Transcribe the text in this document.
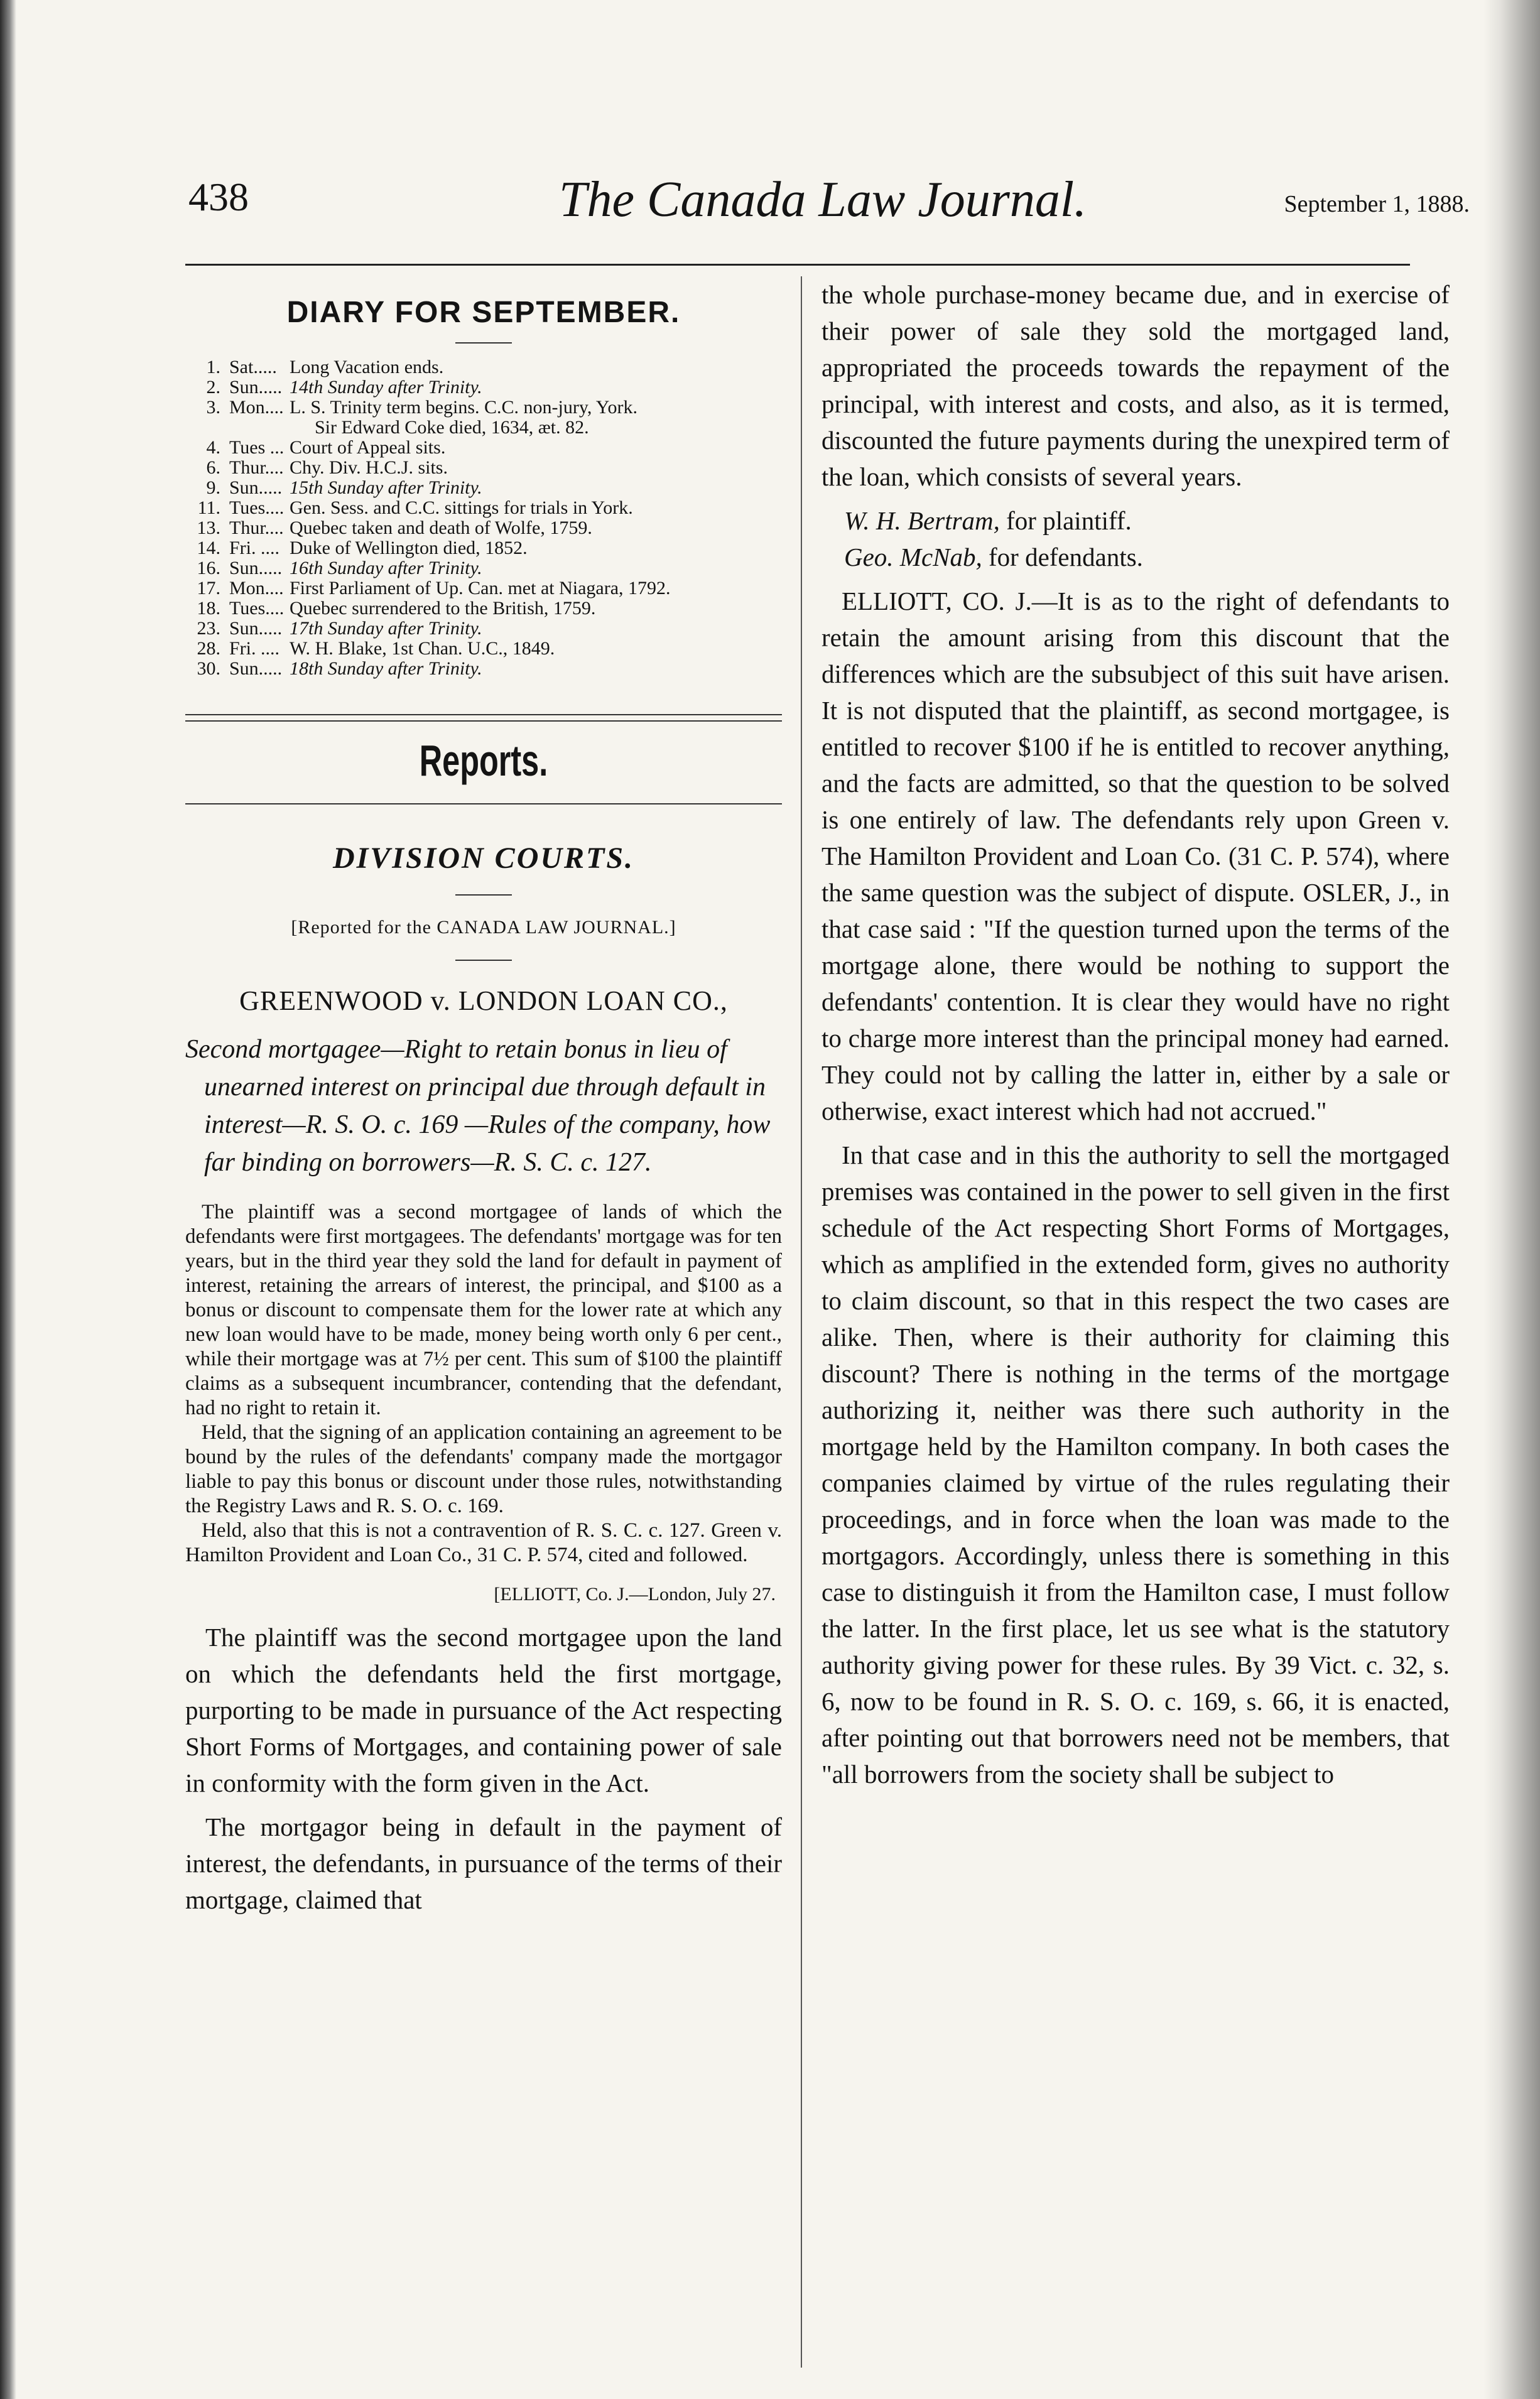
438	The Canada Law Journal.	September 1, 1888.
DIARY FOR SEPTEMBER.
1. Sat..... Long Vacation ends.
2. Sun..... 14th Sunday after Trinity.
3. Mon.... L. S. Trinity term begins. C.C. non-jury, York.
Sir Edward Coke died, 1634, æt. 82.
4. Tues ... Court of Appeal sits.
6. Thur.... Chy. Div. H.C.J. sits.
9. Sun..... 15th Sunday after Trinity.
11. Tues.... Gen. Sess. and C.C. sittings for trials in York.
13. Thur.... Quebec taken and death of Wolfe, 1759.
14. Fri. .... Duke of Wellington died, 1852.
16. Sun..... 16th Sunday after Trinity.
17. Mon.... First Parliament of Up. Can. met at Niagara, 1792.
18. Tues.... Quebec surrendered to the British, 1759.
23. Sun..... 17th Sunday after Trinity.
28. Fri. .... W. H. Blake, 1st Chan. U.C., 1849.
30. Sun..... 18th Sunday after Trinity.
Reports.
DIVISION COURTS.

[Reported for the CANADA LAW JOURNAL.]

GREENWOOD v. LONDON LOAN CO.,

Second mortgagee—Right to retain bonus in lieu of unearned interest on principal due through default in interest—R. S. O. c. 169 —Rules of the company, how far binding on borrowers—R. S. C. c. 127.

The plaintiff was a second mortgagee of lands of which the defendants were first mortgagees. The defendants' mortgage was for ten years, but in the third year they sold the land for default in payment of interest, retaining the arrears of interest, the principal, and $100 as a bonus or discount to compensate them for the lower rate at which any new loan would have to be made, money being worth only 6 per cent., while their mortgage was at 7½ per cent. This sum of $100 the plaintiff claims as a subsequent incumbrancer, contending that the defendant, had no right to retain it.

Held, that the signing of an application containing an agreement to be bound by the rules of the defendants' company made the mortgagor liable to pay this bonus or discount under those rules, notwithstanding the Registry Laws and R. S. O. c. 169.

Held, also that this is not a contravention of R. S. C. c. 127. Green v. Hamilton Provident and Loan Co., 31 C. P. 574, cited and followed.

[ELLIOTT, Co. J.—London, July 27.

The plaintiff was the second mortgagee upon the land on which the defendants held the first mortgage, purporting to be made in pursuance of the Act respecting Short Forms of Mortgages, and containing power of sale in conformity with the form given in the Act.

The mortgagor being in default in the payment of interest, the defendants, in pursuance of the terms of their mortgage, claimed that

the whole purchase-money became due, and in exercise of their power of sale they sold the mortgaged land, appropriated the proceeds towards the repayment of the principal, with interest and costs, and also, as it is termed, discounted the future payments during the unexpired term of the loan, which consists of several years.

W. H. Bertram, for plaintiff.

Geo. McNab, for defendants.

ELLIOTT, CO. J.—It is as to the right of defendants to retain the amount arising from this discount that the differences which are the subsubject of this suit have arisen. It is not disputed that the plaintiff, as second mortgagee, is entitled to recover $100 if he is entitled to recover anything, and the facts are admitted, so that the question to be solved is one entirely of law. The defendants rely upon Green v. The Hamilton Provident and Loan Co. (31 C. P. 574), where the same question was the subject of dispute. OSLER, J., in that case said : "If the question turned upon the terms of the mortgage alone, there would be nothing to support the defendants' contention. It is clear they would have no right to charge more interest than the principal money had earned. They could not by calling the latter in, either by a sale or otherwise, exact interest which had not accrued."

In that case and in this the authority to sell the mortgaged premises was contained in the power to sell given in the first schedule of the Act respecting Short Forms of Mortgages, which as amplified in the extended form, gives no authority to claim discount, so that in this respect the two cases are alike. Then, where is their authority for claiming this discount? There is nothing in the terms of the mortgage authorizing it, neither was there such authority in the mortgage held by the Hamilton company. In both cases the companies claimed by virtue of the rules regulating their proceedings, and in force when the loan was made to the mortgagors. Accordingly, unless there is something in this case to distinguish it from the Hamilton case, I must follow the latter. In the first place, let us see what is the statutory authority giving power for these rules. By 39 Vict. c. 32, s. 6, now to be found in R. S. O. c. 169, s. 66, it is enacted, after pointing out that borrowers need not be members, that "all borrowers from the society shall be subject to
